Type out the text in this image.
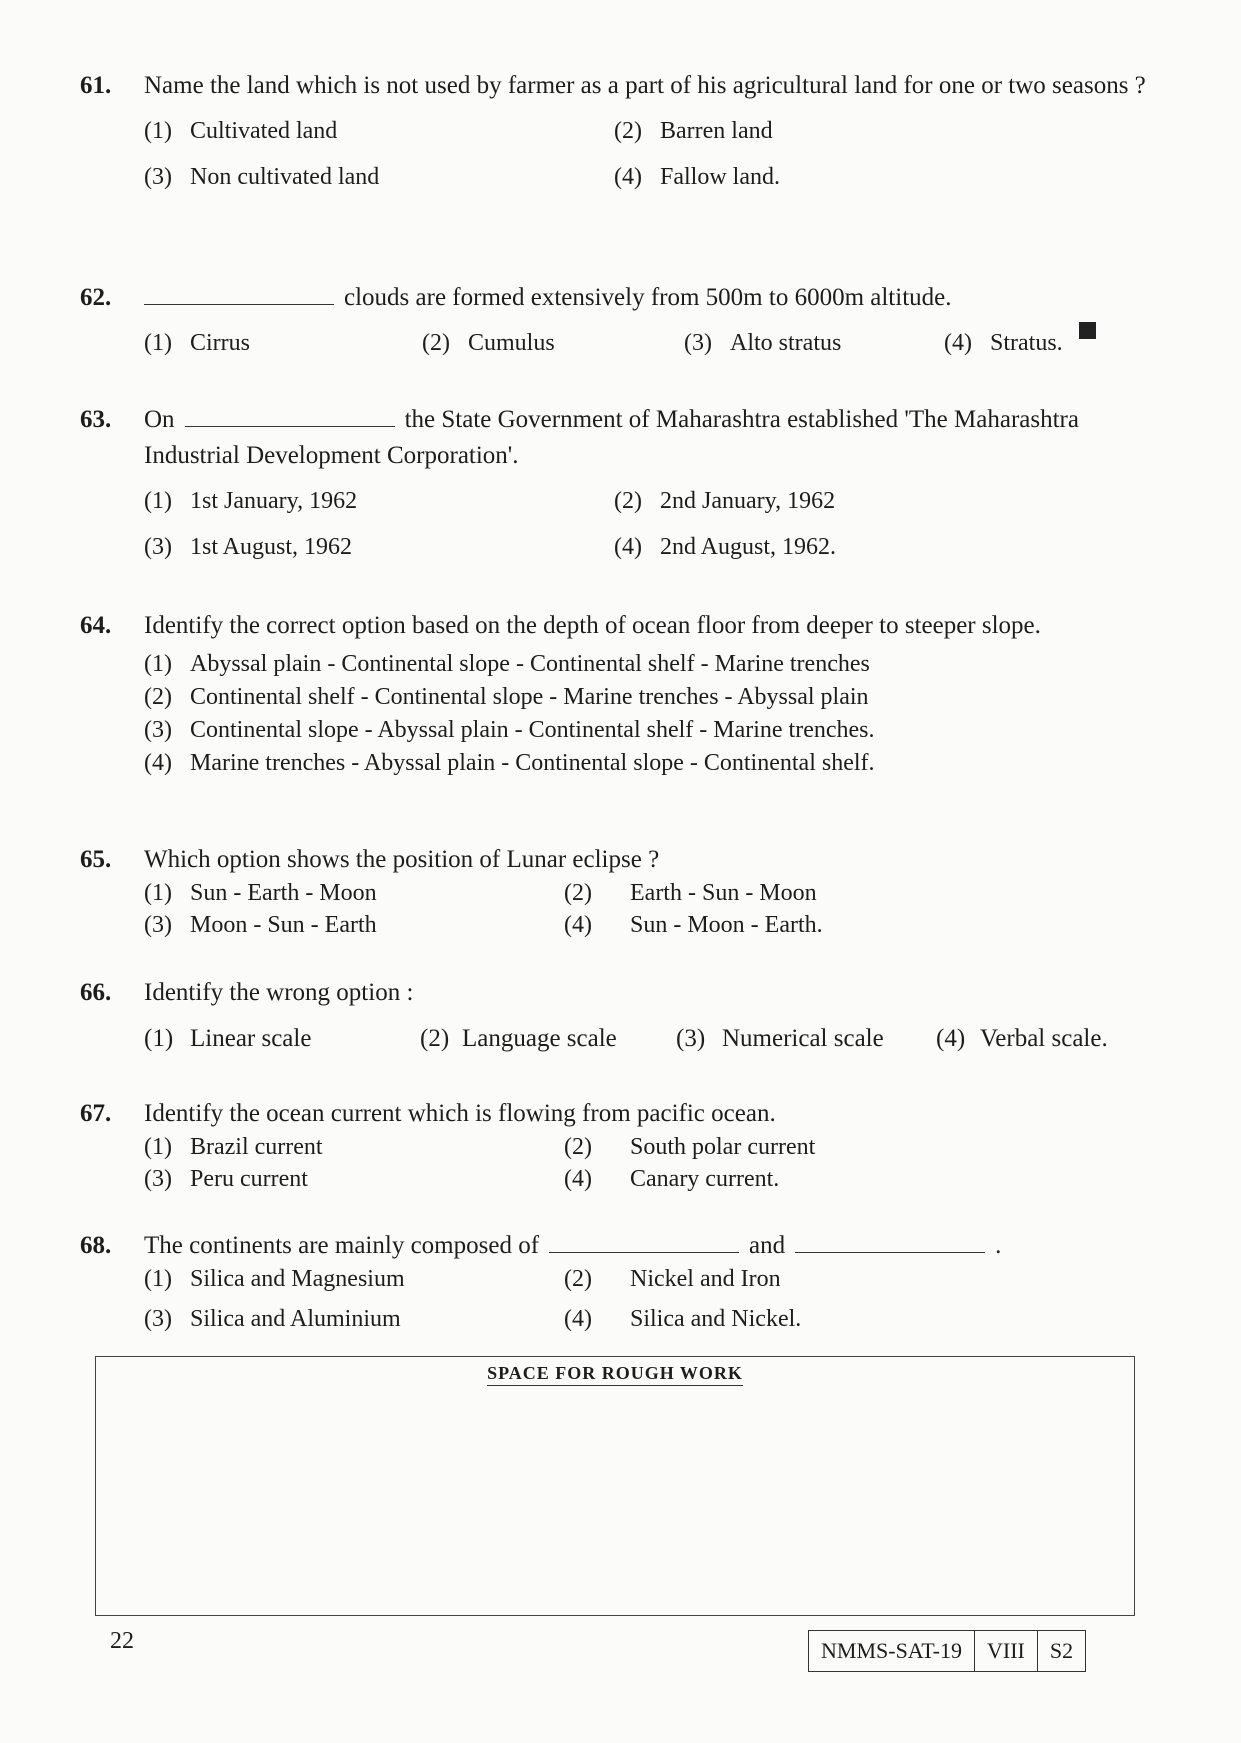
61. Name the land which is not used by farmer as a part of his agricultural land for one or two seasons ?
(1) Cultivated land	(2) Barren land
(3) Non cultivated land	(4) Fallow land.
62.	clouds are formed extensively from 500m to 6000m altitude.
(1) Cirrus	(2) Cumulus	(3) Alto stratus	(4) Stratus.
63. On	the State Government of Maharashtra established 'The Maharashtra Industrial Development Corporation'.
(1) 1st January, 1962	(2) 2nd January, 1962
(3) 1st August, 1962	(4) 2nd August, 1962.
64. Identify the correct option based on the depth of ocean floor from deeper to steeper slope.
(1) Abyssal plain - Continental slope - Continental shelf - Marine trenches
(2) Continental shelf - Continental slope - Marine trenches - Abyssal plain
(3) Continental slope - Abyssal plain - Continental shelf - Marine trenches.
(4) Marine trenches - Abyssal plain - Continental slope - Continental shelf.
65. Which option shows the position of Lunar eclipse ?
(1) Sun - Earth - Moon	(2) Earth - Sun - Moon
(3) Moon - Sun - Earth	(4) Sun - Moon - Earth.
66. Identify the wrong option :
(1) Linear scale	(2) Language scale (3) Numerical scale (4) Verbal scale.
67. Identify the ocean current which is flowing from pacific ocean.
(1) Brazil current	(2) South polar current
(3) Peru current	(4) Canary current.
68. The continents are mainly composed of	and	.
(1) Silica and Magnesium	(2) Nickel and Iron
(3) Silica and Aluminium	(4) Silica and Nickel.
SPACE FOR ROUGH WORK
22	NMMS-SAT-19	VIII	S2
